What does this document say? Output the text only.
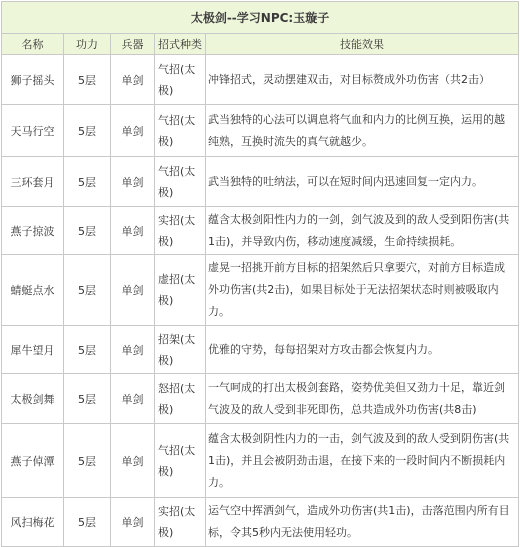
太极剑--学习NPC:玉璇子				
名称	功力	兵器	招式种类	技能效果
狮子摇头	5层	单剑	气招(太极)	冲锋招式，灵动摆建双击，对目标赘成外功伤害（共2击）
天马行空	5层	单剑	气招(太极)	武当独特的心法可以调息将气血和内力的比例互换，运用的越纯熟，互换时流失的真气就越少。
三环套月	5层	单剑	气招(太极)	武当独特的吐纳法，可以在短时间内迅速回复一定内力。
燕子掠波	5层	单剑	实招(太极)	蕴含太极剑阳性内力的一剑，剑气波及到的敌人受到阳伤害(共1击)，并导致内伤，移动速度减缓，生命持续损耗。
蜻蜓点水	5层	单剑	虚招(太极)	虚晃一招挑开前方目标的招架然后只拿要穴，对前方目标造成外功伤害(共2击)，如果目标处于无法招架状态时则被吸取内力。
犀牛望月	5层	单剑	招架(太极)	优雅的守势，每每招架对方攻击都会恢复内力。
太极剑舞	5层	单剑	怒招(太极)	一气呵成的打出太极剑套路，姿势优美但又劲力十足，靠近剑气波及的敌人受到非死即伤，总共造成外功伤害(共8击)
燕子倬潭	5层	单剑	气招(太极)	蕴含太极剑阴性内力的一击，剑气波及到的敌人受到阴伤害(共1击)，并且会被阴劲击退，在接下来的一段时间内不断损耗内力。
风扫梅花	5层	单剑	实招(太极)	运气空中挥洒剑气，造成外功伤害(共1击)，击落范围内所有目标，令其5秒内无法使用轻功。
